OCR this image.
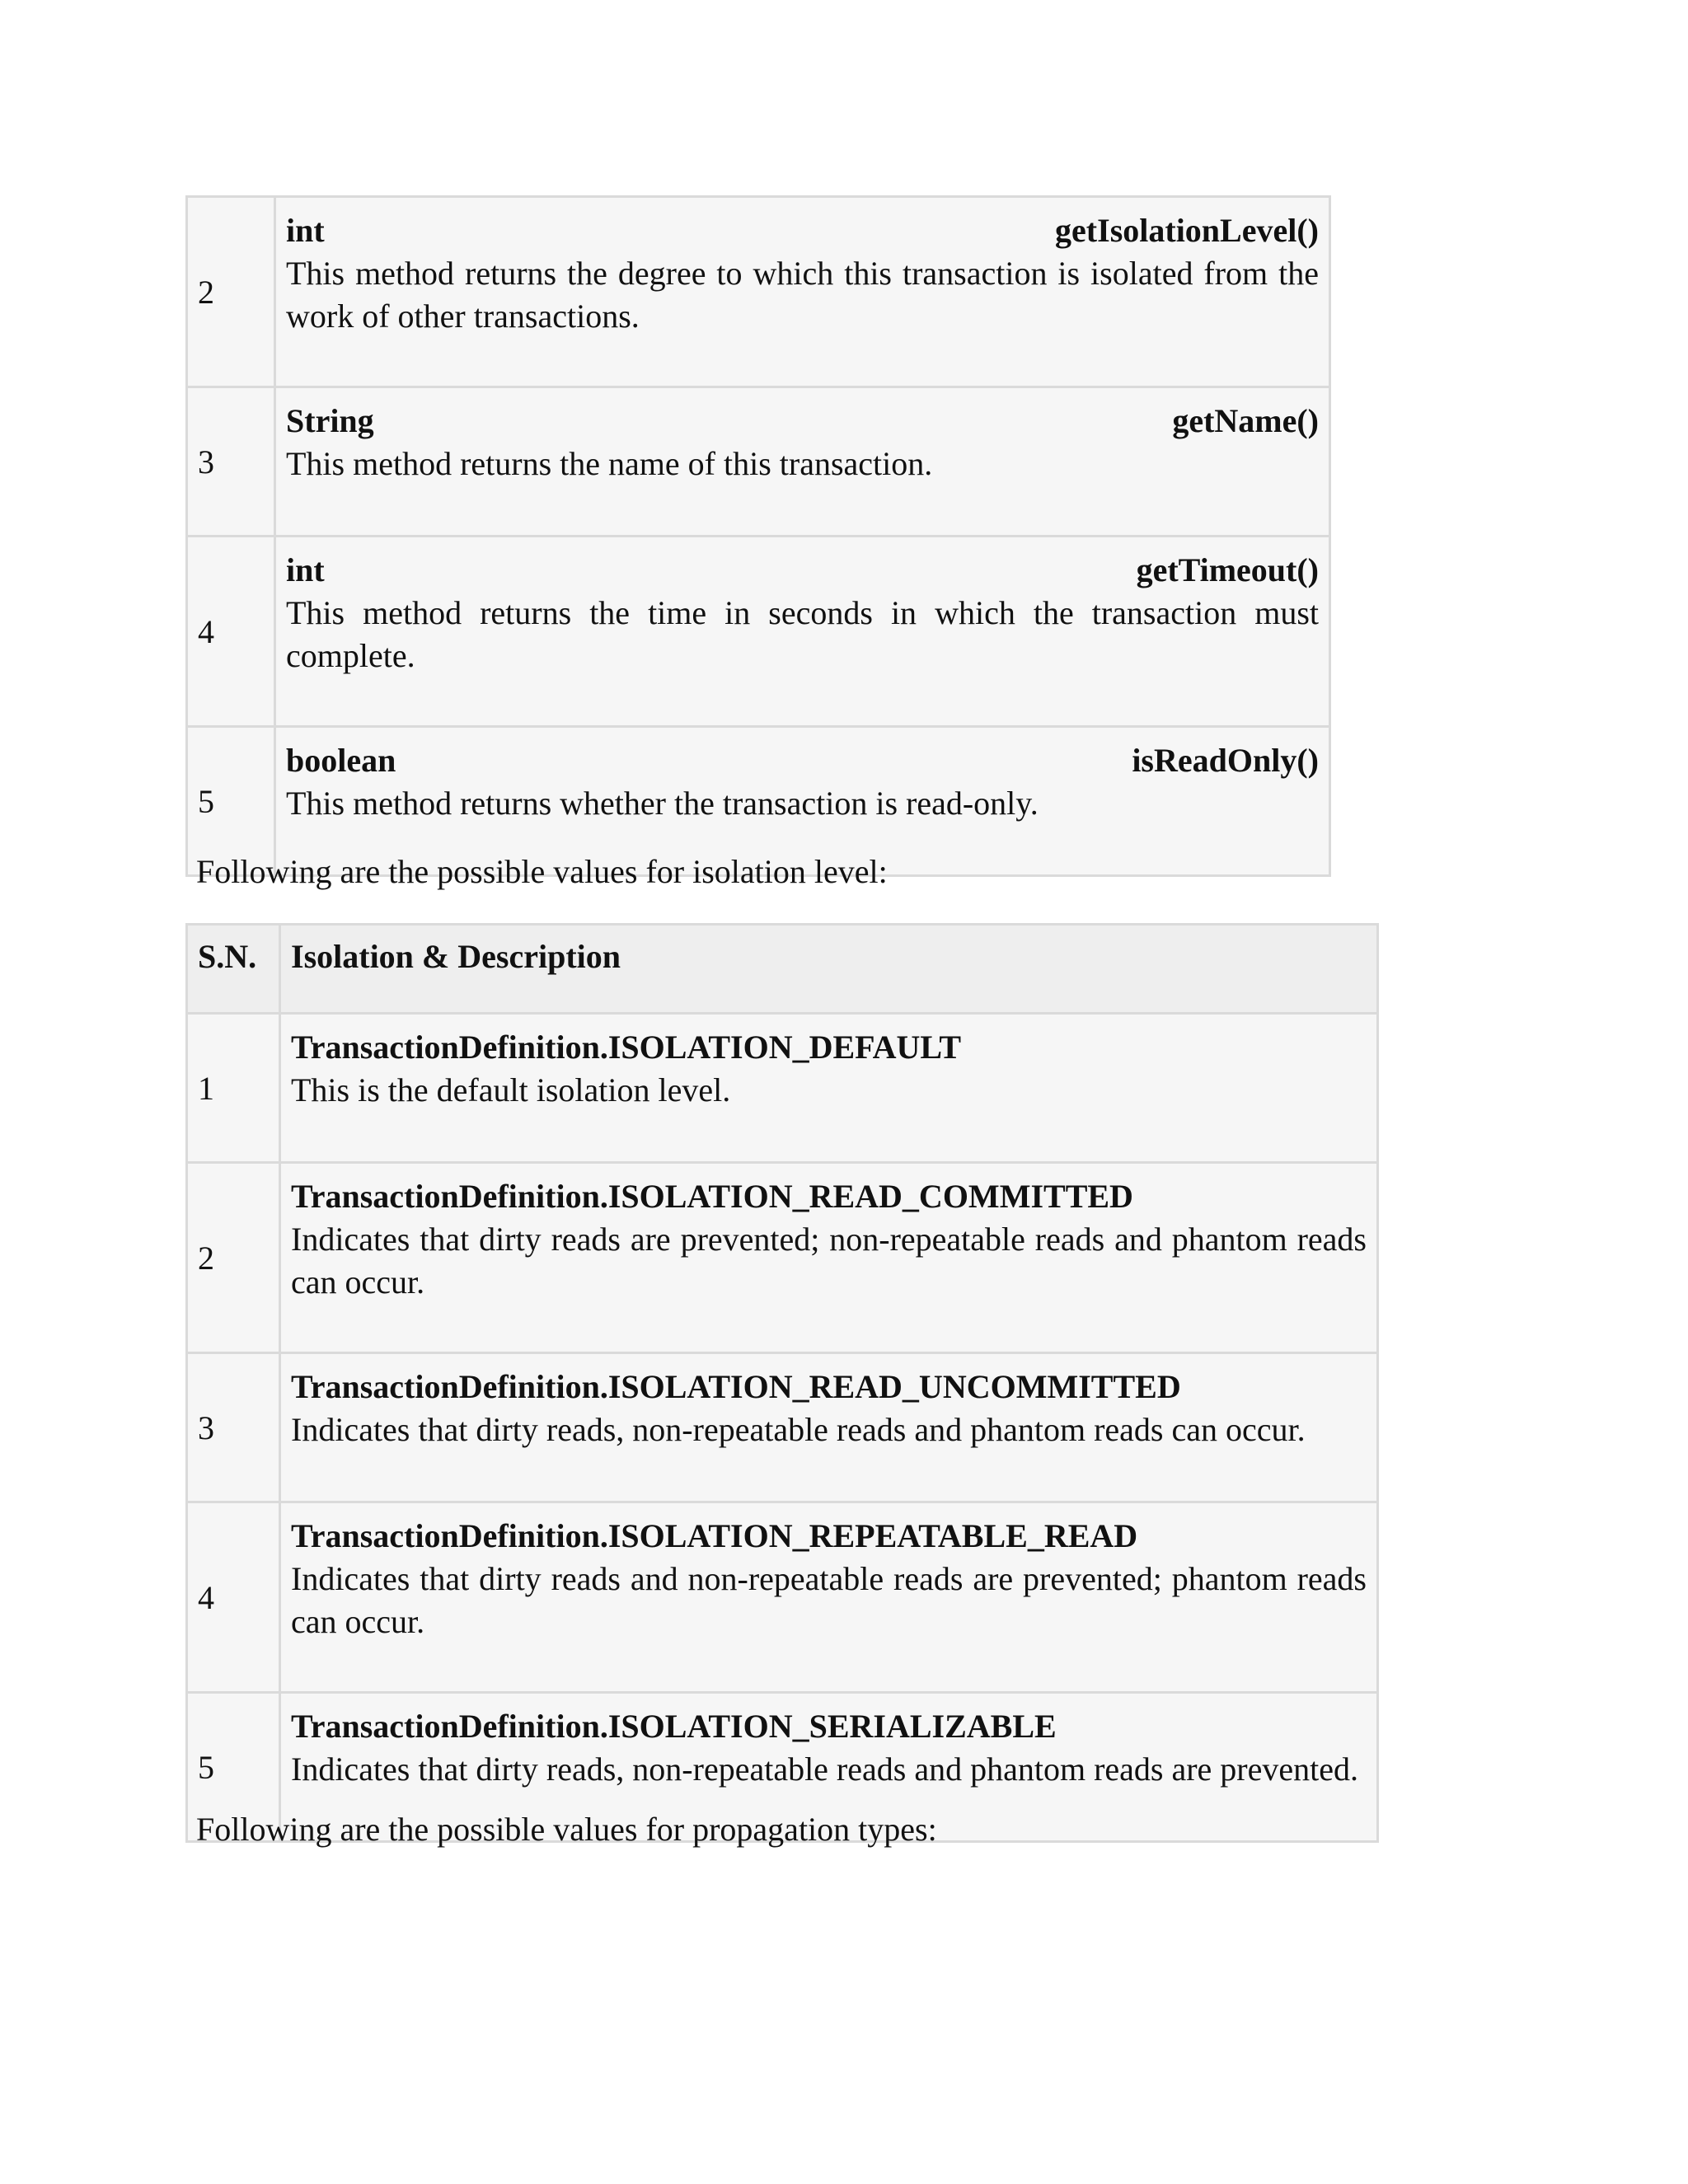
2	int getIsolationLevel()
This method returns the degree to which this transaction is isolated from the work of other transactions.

3	String getName()
This method returns the name of this transaction.

4	int getTimeout()
This method returns the time in seconds in which the transaction must complete.

5	boolean isReadOnly()
This method returns whether the transaction is read-only.

Following are the possible values for isolation level:

S.N.	Isolation & Description
1	TransactionDefinition.ISOLATION_DEFAULT
This is the default isolation level.

2	TransactionDefinition.ISOLATION_READ_COMMITTED
Indicates that dirty reads are prevented; non-repeatable reads and phantom reads can occur.

3	TransactionDefinition.ISOLATION_READ_UNCOMMITTED
Indicates that dirty reads, non-repeatable reads and phantom reads can occur.

4	TransactionDefinition.ISOLATION_REPEATABLE_READ
Indicates that dirty reads and non-repeatable reads are prevented; phantom reads can occur.

5	TransactionDefinition.ISOLATION_SERIALIZABLE
Indicates that dirty reads, non-repeatable reads and phantom reads are prevented.

Following are the possible values for propagation types:
